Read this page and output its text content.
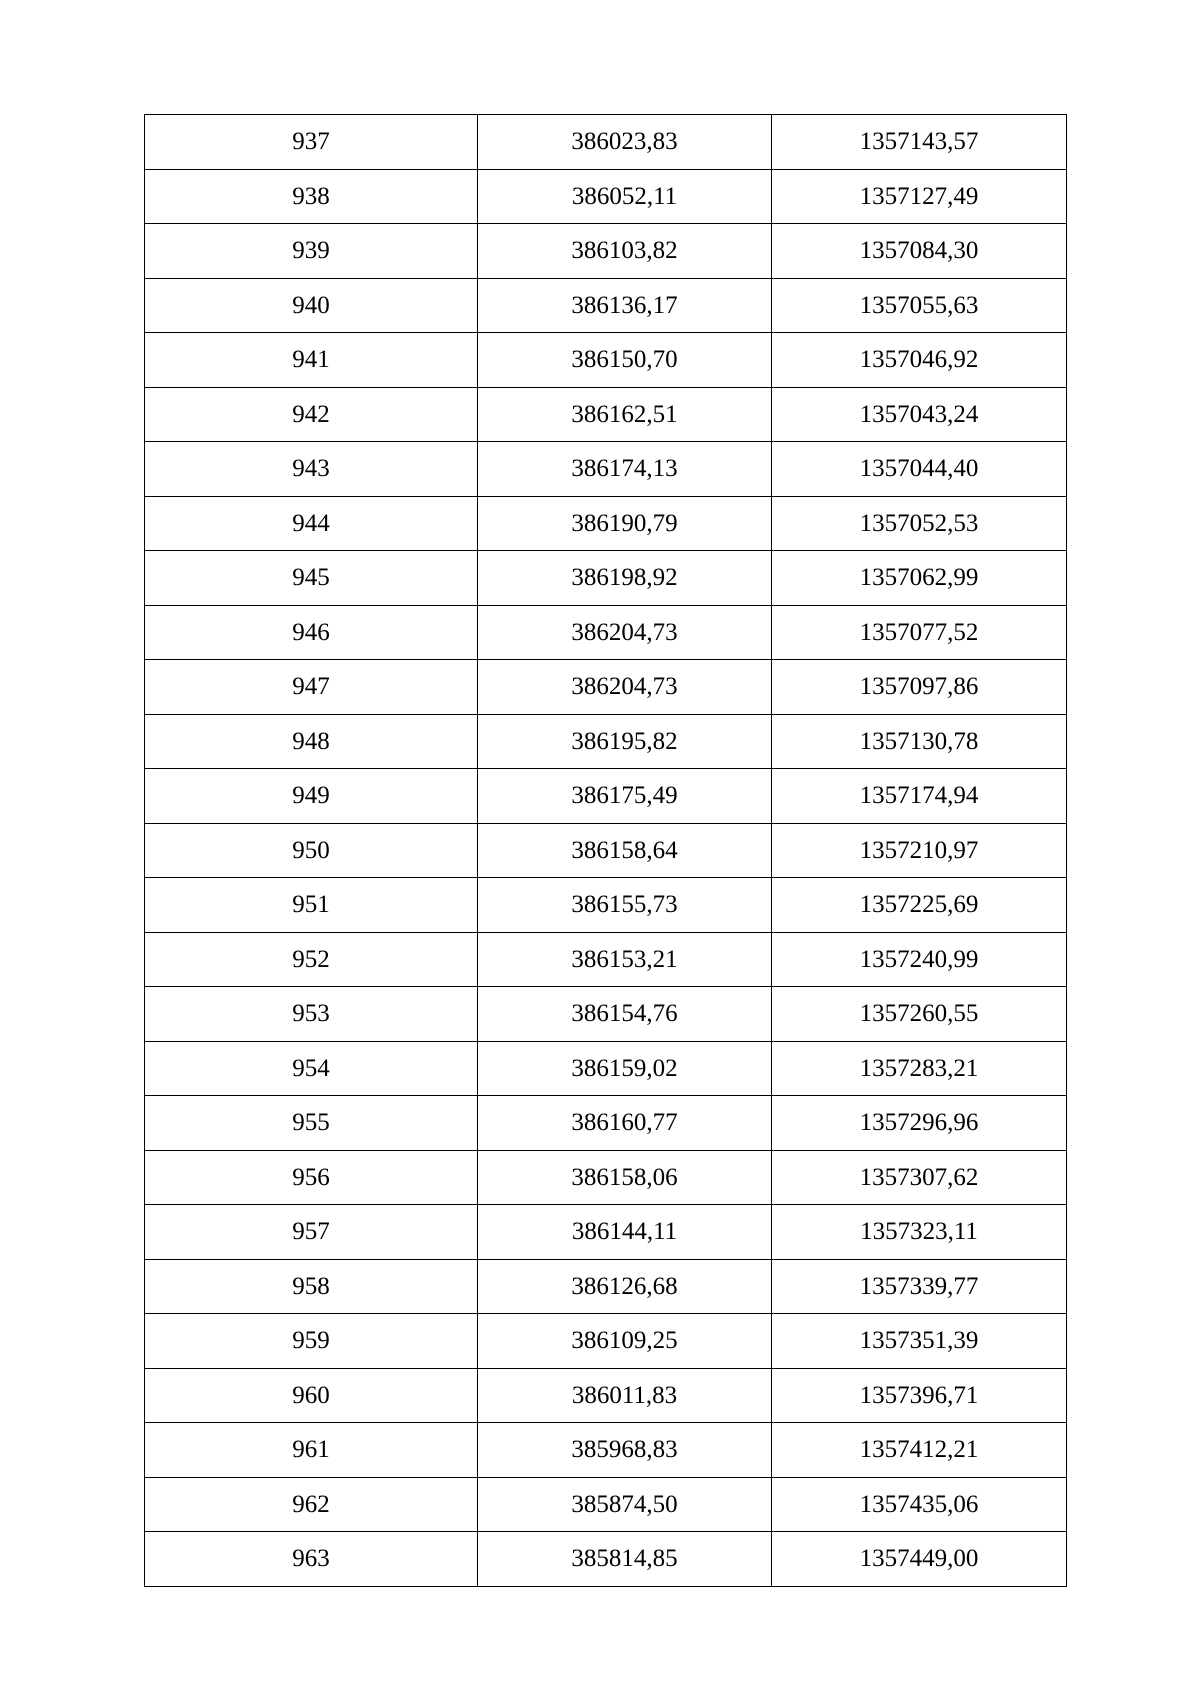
937	386023,83	1357143,57
938	386052,11	1357127,49
939	386103,82	1357084,30
940	386136,17	1357055,63
941	386150,70	1357046,92
942	386162,51	1357043,24
943	386174,13	1357044,40
944	386190,79	1357052,53
945	386198,92	1357062,99
946	386204,73	1357077,52
947	386204,73	1357097,86
948	386195,82	1357130,78
949	386175,49	1357174,94
950	386158,64	1357210,97
951	386155,73	1357225,69
952	386153,21	1357240,99
953	386154,76	1357260,55
954	386159,02	1357283,21
955	386160,77	1357296,96
956	386158,06	1357307,62
957	386144,11	1357323,11
958	386126,68	1357339,77
959	386109,25	1357351,39
960	386011,83	1357396,71
961	385968,83	1357412,21
962	385874,50	1357435,06
963	385814,85	1357449,00
